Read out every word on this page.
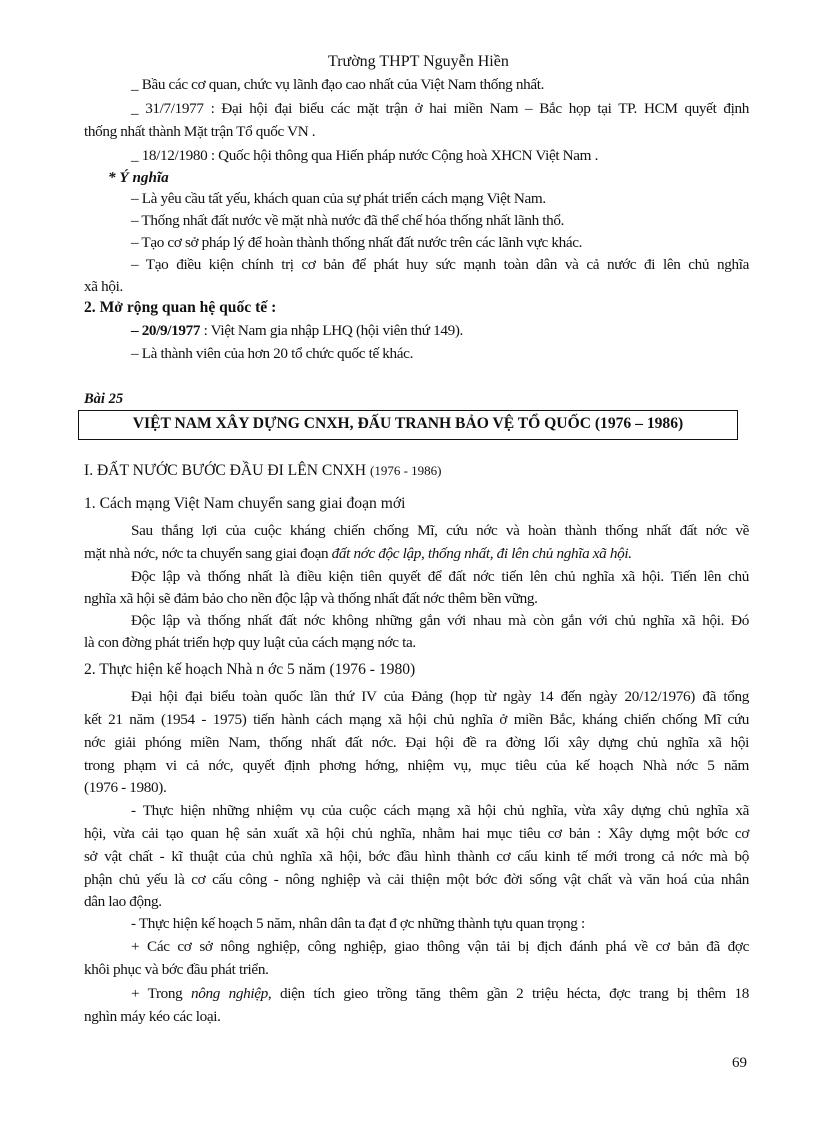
Trường THPT Nguyễn Hiền
_ Bầu các cơ quan, chức vụ lãnh đạo cao nhất của Việt Nam thống nhất.
_ 31/7/1977 : Đại hội đại biểu các mặt trận ở hai miền Nam – Bắc họp tại TP. HCM quyết định
thống nhất thành Mặt trận Tổ quốc VN .
_ 18/12/1980 : Quốc hội thông qua Hiến pháp nước Cộng hoà XHCN Việt Nam .
* Ý nghĩa
– Là yêu cầu tất yếu, khách quan của sự phát triển cách mạng Việt Nam.
– Thống nhất đất nước về mặt nhà nước đã thể chế hóa thống nhất lãnh thổ.
– Tạo cơ sở pháp lý để hoàn thành thống nhất đất nước trên các lãnh vực khác.
– Tạo điều kiện chính trị cơ bản để phát huy sức mạnh toàn dân và cả nước đi lên chủ nghĩa
xã hội.
2. Mở rộng quan hệ quốc tế :
– 20/9/1977 : Việt Nam gia nhập LHQ (hội viên thứ 149).
– Là thành viên của hơn 20 tổ chức quốc tế khác.
Bài 25
VIỆT NAM XÂY DỰNG CNXH, ĐẤU TRANH BẢO VỆ TỔ QUỐC (1976 – 1986)
I. ĐẤT NƯỚC BƯỚC ĐẦU ĐI LÊN CNXH (1976 - 1986)
1. Cách mạng Việt Nam chuyển sang giai đoạn mới
Sau thắng lợi của cuộc kháng chiến chống Mĩ, cứu nớc và hoàn thành thống nhất đất nớc về
mặt nhà nớc, nớc ta chuyển sang giai đoạn đất nớc độc lập, thống nhất, đi lên chủ nghĩa xã hội.
Độc lập và thống nhất là điều kiện tiên quyết để đất nớc tiến lên chủ nghĩa xã hội. Tiến lên chủ
nghĩa xã hội sẽ đảm bảo cho nền độc lập và thống nhất đất nớc thêm bền vững.
Độc lập và thống nhất đất nớc không những gắn với nhau mà còn gắn với chủ nghĩa xã hội. Đó
là con đờng phát triển hợp quy luật của cách mạng nớc ta.
2. Thực hiện kế hoạch Nhà n ớc 5 năm (1976 - 1980)
Đại hội đại biểu toàn quốc lần thứ IV của Đảng (họp từ ngày 14 đến ngày 20/12/1976) đã tổng
kết 21 năm (1954 - 1975) tiến hành cách mạng xã hội chủ nghĩa ở miền Bắc, kháng chiến chống Mĩ cứu
nớc giải phóng miền Nam, thống nhất đất nớc. Đại hội đề ra đờng lối xây dựng chủ nghĩa xã hội
trong phạm vi cả nớc, quyết định phơng hớng, nhiệm vụ, mục tiêu của kế hoạch Nhà nớc 5 năm
(1976 - 1980).
- Thực hiện những nhiệm vụ của cuộc cách mạng xã hội chủ nghĩa, vừa xây dựng chủ nghĩa xã
hội, vừa cải tạo quan hệ sản xuất xã hội chủ nghĩa, nhằm hai mục tiêu cơ bản : Xây dựng một bớc cơ
sở vật chất - kĩ thuật của chủ nghĩa xã hội, bớc đầu hình thành cơ cấu kinh tế mới trong cả nớc mà bộ
phận chủ yếu là cơ cấu công - nông nghiệp và cải thiện một bớc đời sống vật chất và văn hoá của nhân
dân lao động.
- Thực hiện kế hoạch 5 năm, nhân dân ta đạt đ ợc những thành tựu quan trọng :
+ Các cơ sở nông nghiệp, công nghiệp, giao thông vận tải bị địch đánh phá về cơ bản đã đợc
khôi phục và bớc đầu phát triển.
+ Trong nông nghiệp, diện tích gieo trồng tăng thêm gần 2 triệu hécta, đợc trang bị thêm 18
nghìn máy kéo các loại.
69
